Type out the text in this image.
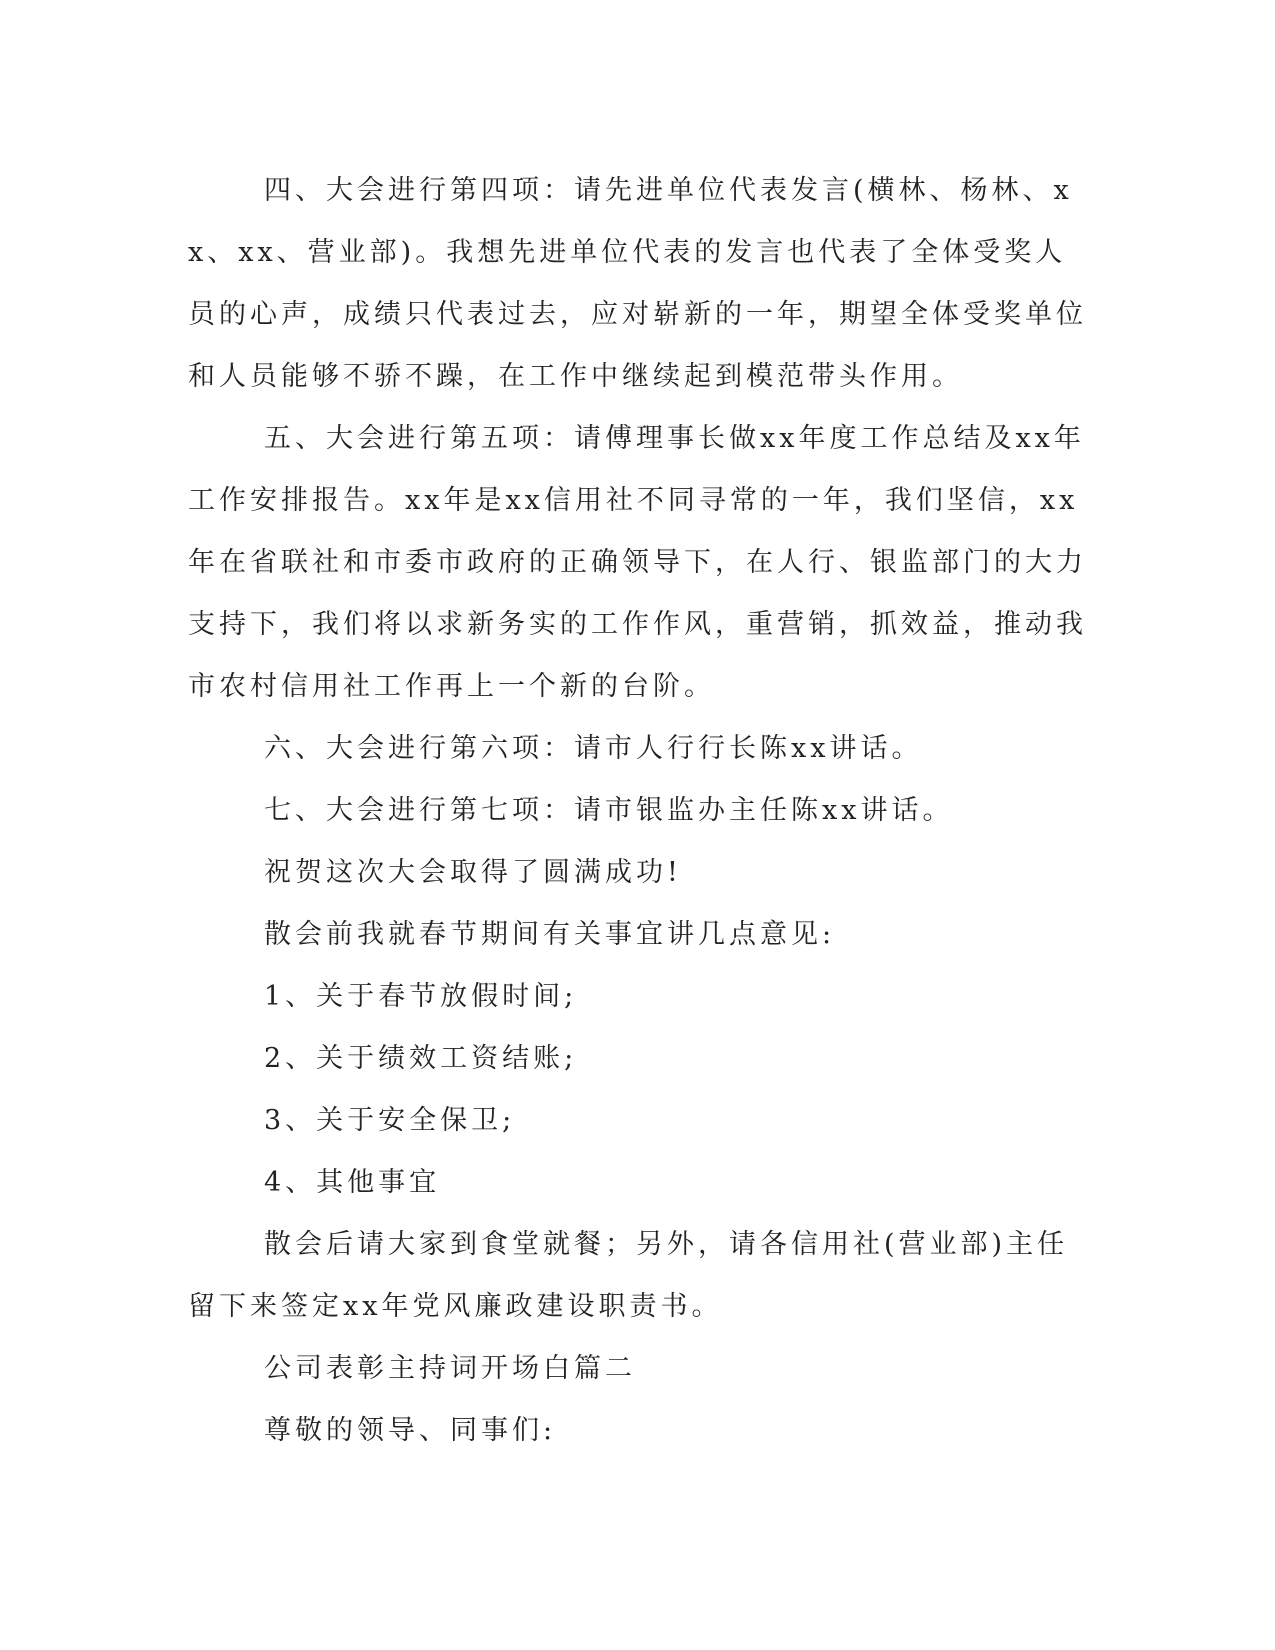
四、大会进行第四项：请先进单位代表发言(横林、杨林、xx、xx、营业部)。我想先进单位代表的发言也代表了全体受奖人员的心声，成绩只代表过去，应对崭新的一年，期望全体受奖单位和人员能够不骄不躁，在工作中继续起到模范带头作用。

五、大会进行第五项：请傅理事长做xx年度工作总结及xx年工作安排报告。xx年是xx信用社不同寻常的一年，我们坚信，xx年在省联社和市委市政府的正确领导下，在人行、银监部门的大力支持下，我们将以求新务实的工作作风，重营销，抓效益，推动我市农村信用社工作再上一个新的台阶。

六、大会进行第六项：请市人行行长陈xx讲话。

七、大会进行第七项：请市银监办主任陈xx讲话。

祝贺这次大会取得了圆满成功!

散会前我就春节期间有关事宜讲几点意见:

1、关于春节放假时间;

2、关于绩效工资结账;

3、关于安全保卫;

4、其他事宜

散会后请大家到食堂就餐；另外，请各信用社(营业部)主任留下来签定xx年党风廉政建设职责书。

公司表彰主持词开场白篇二

尊敬的领导、同事们:
